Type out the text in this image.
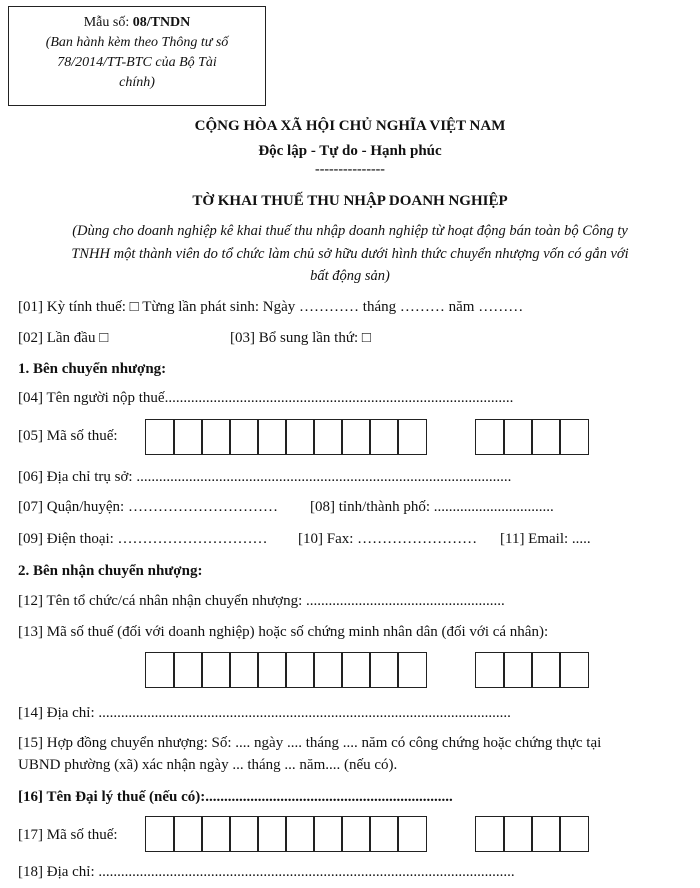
Mẫu số: 08/TNDN
(Ban hành kèm theo Thông tư số
78/2014/TT-BTC của Bộ Tài
chính)
CỘNG HÒA XÃ HỘI CHỦ NGHĨA VIỆT NAM
Độc lập - Tự do - Hạnh phúc
---------------
TỜ KHAI THUẾ THU NHẬP DOANH NGHIỆP
(Dùng cho doanh nghiệp kê khai thuế thu nhập doanh nghiệp từ hoạt động bán toàn bộ Công ty
TNHH một thành viên do tổ chức làm chủ sở hữu dưới hình thức chuyển nhượng vốn có gắn với
bất động sản)
[01] Kỳ tính thuế: □ Từng lần phát sinh: Ngày ………… tháng ……… năm ………
[02] Lần đầu □	[03] Bổ sung lần thứ: □
1. Bên chuyển nhượng:
[04] Tên người nộp thuế.............................................................................................
[05] Mã số thuế:
[06] Địa chỉ trụ sở: ....................................................................................................
[07] Quận/huyện: ………………………… [08] tỉnh/thành phố: ................................
[09] Điện thoại: ………………………… [10] Fax: …………………… [11] Email: .....
2. Bên nhận chuyển nhượng:
[12] Tên tổ chức/cá nhân nhận chuyển nhượng: .....................................................
[13] Mã số thuế (đối với doanh nghiệp) hoặc số chứng minh nhân dân (đối với cá nhân):
[14] Địa chỉ: ..............................................................................................................
[15] Hợp đồng chuyển nhượng: Số: .... ngày .... tháng .... năm có công chứng hoặc chứng thực tại
UBND phường (xã) xác nhận ngày ... tháng ... năm.... (nếu có).
[16] Tên Đại lý thuế (nếu có):..................................................................
[17] Mã số thuế:
[18] Địa chỉ: ...............................................................................................................
